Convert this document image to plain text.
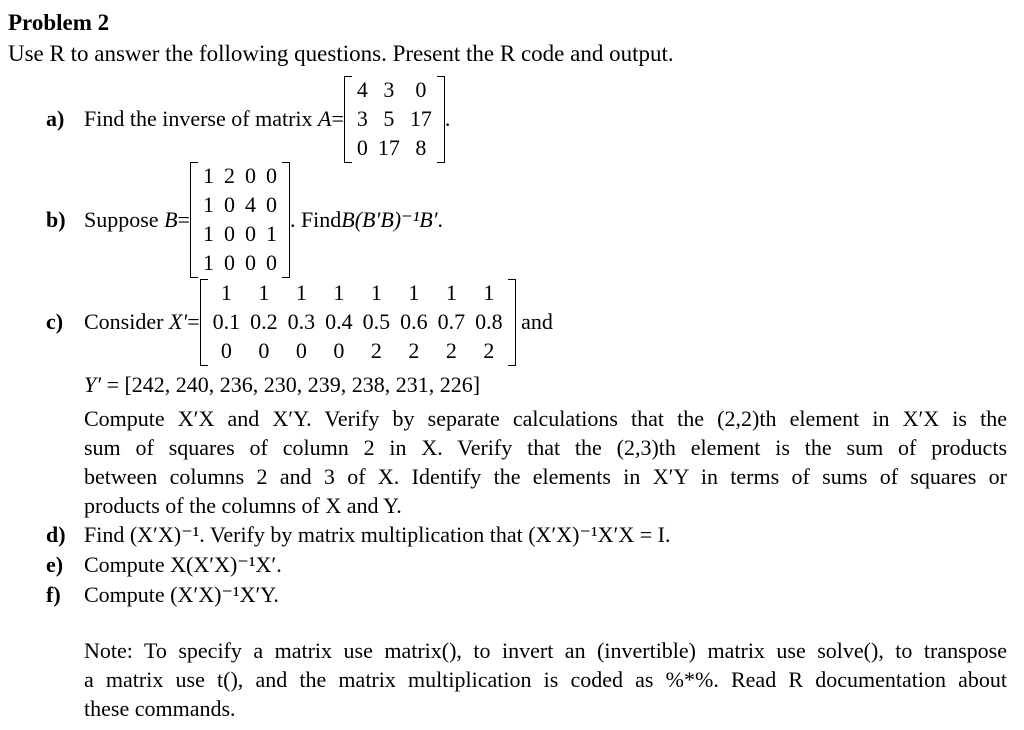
Problem 2
Use R to answer the following questions. Present the R code and output.
a) Find the inverse of matrix
A =
4	3	0
3	5	17
0	17	8
.
b) Suppose
B =
1	2	0	0
1	0	4	0
1	0	0	1
1	0	0	0
. Find B(B′B)⁻¹B′ .
c) Consider
X′ =
1	1	1	1	1	1	1	1
0.1	0.2	0.3	0.4	0.5	0.6	0.7	0.8
0	0	0	0	2	2	2	2

and
Y′ = [242, 240, 236, 230, 239, 238, 231, 226]
Compute X′X and X′Y. Verify by separate calculations that the (2,2)th element in X′X is the
sum of squares of column 2 in X. Verify that the (2,3)th element is the sum of products
between columns 2 and 3 of X. Identify the elements in X′Y in terms of sums of squares or
products of the columns of X and Y.
d) Find (X′X)⁻¹. Verify by matrix multiplication that (X′X)⁻¹X′X = I.
e) Compute X(X′X)⁻¹X′.
f)	Compute (X′X)⁻¹X′Y.
Note: To specify a matrix use matrix(), to invert an (invertible) matrix use solve(), to transpose
a matrix use t(), and the matrix multiplication is coded as %*%. Read R documentation about
these commands.
